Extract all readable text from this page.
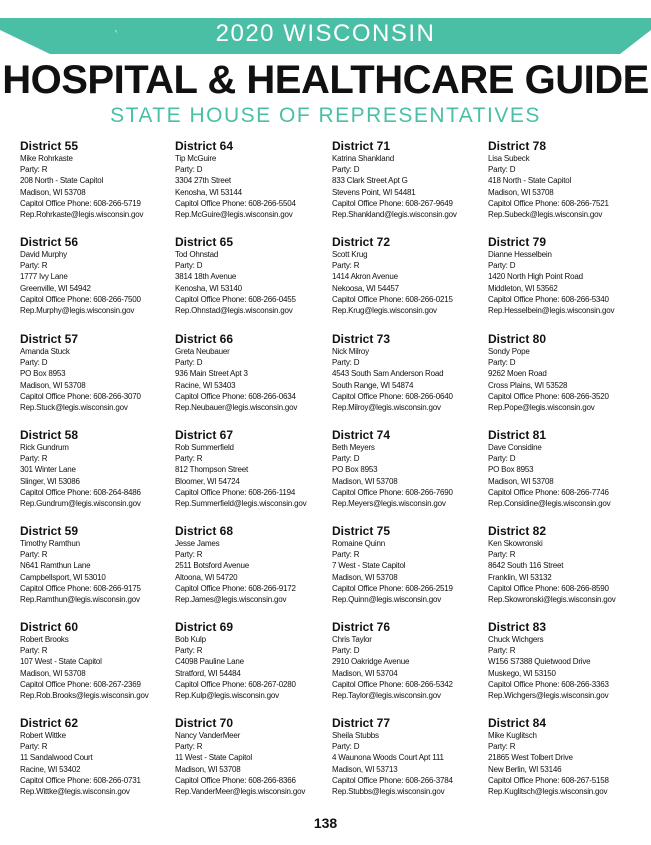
2020 WISCONSIN
HOSPITAL & HEALTHCARE GUIDE
STATE HOUSE OF REPRESENTATIVES
District 55
Mike Rohrkaste
Party: R
208 North - State Capitol
Madison, WI 53708
Capitol Office Phone: 608-266-5719
Rep.Rohrkaste@legis.wisconsin.gov
District 56
David Murphy
Party: R
1777 Ivy Lane
Greenville, WI 54942
Capitol Office Phone: 608-266-7500
Rep.Murphy@legis.wisconsin.gov
District 57
Amanda Stuck
Party: D
PO Box 8953
Madison, WI 53708
Capitol Office Phone: 608-266-3070
Rep.Stuck@legis.wisconsin.gov
District 58
Rick Gundrum
Party: R
301 Winter Lane
Slinger, WI 53086
Capitol Office Phone: 608-264-8486
Rep.Gundrum@legis.wisconsin.gov
District 59
Timothy Ramthun
Party: R
N641 Ramthun Lane
Campbellsport, WI 53010
Capitol Office Phone: 608-266-9175
Rep.Ramthun@legis.wisconsin.gov
District 60
Robert Brooks
Party: R
107 West - State Capitol
Madison, WI 53708
Capitol Office Phone: 608-267-2369
Rep.Rob.Brooks@legis.wisconsin.gov
District 62
Robert Wittke
Party: R
11 Sandalwood Court
Racine, WI 53402
Capitol Office Phone: 608-266-0731
Rep.Wittke@legis.wisconsin.gov
District 64
Tip McGuire
Party: D
3304 27th Street
Kenosha, WI 53144
Capitol Office Phone: 608-266-5504
Rep.McGuire@legis.wisconsin.gov
District 65
Tod Ohnstad
Party: D
3814 18th Avenue
Kenosha, WI 53140
Capitol Office Phone: 608-266-0455
Rep.Ohnstad@legis.wisconsin.gov
District 66
Greta Neubauer
Party: D
936 Main Street Apt 3
Racine, WI 53403
Capitol Office Phone: 608-266-0634
Rep.Neubauer@legis.wisconsin.gov
District 67
Rob Summerfield
Party: R
812 Thompson Street
Bloomer, WI 54724
Capitol Office Phone: 608-266-1194
Rep.Summerfield@legis.wisconsin.gov
District 68
Jesse James
Party: R
2511 Botsford Avenue
Altoona, WI 54720
Capitol Office Phone: 608-266-9172
Rep.James@legis.wisconsin.gov
District 69
Bob Kulp
Party: R
C4098 Pauline Lane
Stratford, WI 54484
Capitol Office Phone: 608-267-0280
Rep.Kulp@legis.wisconsin.gov
District 70
Nancy VanderMeer
Party: R
11 West - State Capitol
Madison, WI 53708
Capitol Office Phone: 608-266-8366
Rep.VanderMeer@legis.wisconsin.gov
District 71
Katrina Shankland
Party: D
833 Clark Street Apt G
Stevens Point, WI 54481
Capitol Office Phone: 608-267-9649
Rep.Shankland@legis.wisconsin.gov
District 72
Scott Krug
Party: R
1414 Akron Avenue
Nekoosa, WI 54457
Capitol Office Phone: 608-266-0215
Rep.Krug@legis.wisconsin.gov
District 73
Nick Milroy
Party: D
4543 South Sam Anderson Road
South Range, WI 54874
Capitol Office Phone: 608-266-0640
Rep.Milroy@legis.wisconsin.gov
District 74
Beth Meyers
Party: D
PO Box 8953
Madison, WI 53708
Capitol Office Phone: 608-266-7690
Rep.Meyers@legis.wisconsin.gov
District 75
Romaine Quinn
Party: R
7 West - State Capitol
Madison, WI 53708
Capitol Office Phone: 608-266-2519
Rep.Quinn@legis.wisconsin.gov
District 76
Chris Taylor
Party: D
2910 Oakridge Avenue
Madison, WI 53704
Capitol Office Phone: 608-266-5342
Rep.Taylor@legis.wisconsin.gov
District 77
Sheila Stubbs
Party: D
4 Waunona Woods Court Apt 111
Madison, WI 53713
Capitol Office Phone: 608-266-3784
Rep.Stubbs@legis.wisconsin.gov
District 78
Lisa Subeck
Party: D
418 North - State Capitol
Madison, WI 53708
Capitol Office Phone: 608-266-7521
Rep.Subeck@legis.wisconsin.gov
District 79
Dianne Hesselbein
Party: D
1420 North High Point Road
Middleton, WI 53562
Capitol Office Phone: 608-266-5340
Rep.Hesselbein@legis.wisconsin.gov
District 80
Sondy Pope
Party: D
9262 Moen Road
Cross Plains, WI 53528
Capitol Office Phone: 608-266-3520
Rep.Pope@legis.wisconsin.gov
District 81
Dave Considine
Party: D
PO Box 8953
Madison, WI 53708
Capitol Office Phone: 608-266-7746
Rep.Considine@legis.wisconsin.gov
District 82
Ken Skowronski
Party: R
8642 South 116 Street
Franklin, WI 53132
Capitol Office Phone: 608-266-8590
Rep.Skowronski@legis.wisconsin.gov
District 83
Chuck Wichgers
Party: R
W156 S7388 Quietwood Drive
Muskego, WI 53150
Capitol Office Phone: 608-266-3363
Rep.Wichgers@legis.wisconsin.gov
District 84
Mike Kuglitsch
Party: R
21865 West Tolbert Drive
New Berlin, WI 53146
Capitol Office Phone: 608-267-5158
Rep.Kuglitsch@legis.wisconsin.gov
138
